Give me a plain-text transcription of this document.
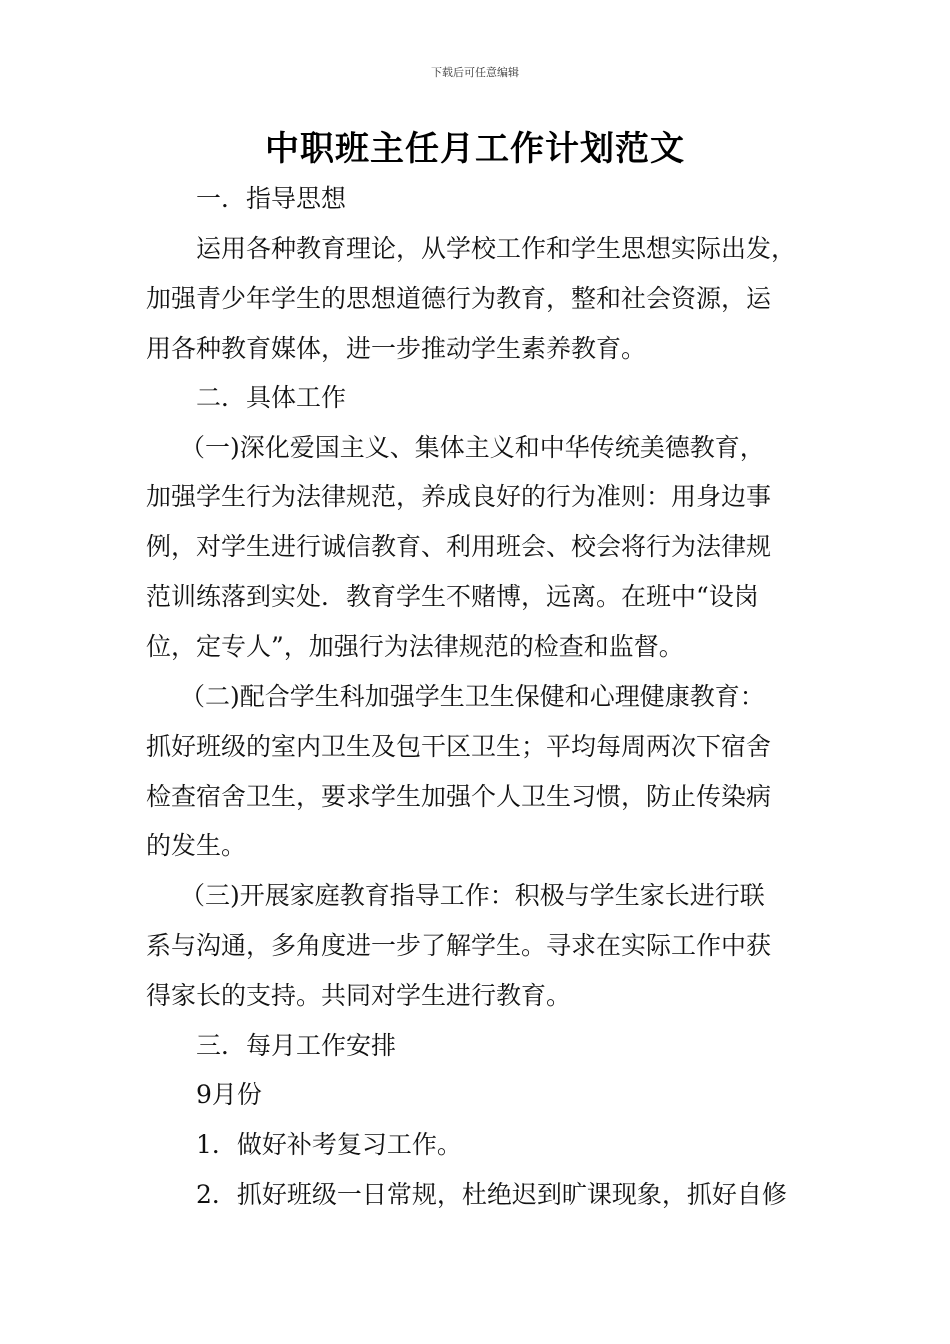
下载后可任意编辑
中职班主任月工作计划范文
一．指导思想
运用各种教育理论，从学校工作和学生思想实际出发，
加强青少年学生的思想道德行为教育，整和社会资源，运
用各种教育媒体，进一步推动学生素养教育。
二．具体工作
（一)深化爱国主义、集体主义和中华传统美德教育，
加强学生行为法律规范，养成良好的行为准则：用身边事
例，对学生进行诚信教育、利用班会、校会将行为法律规
范训练落到实处．教育学生不赌博，远离。在班中“设岗
位，定专人”，加强行为法律规范的检查和监督。
（二)配合学生科加强学生卫生保健和心理健康教育：
抓好班级的室内卫生及包干区卫生；平均每周两次下宿舍
检查宿舍卫生，要求学生加强个人卫生习惯，防止传染病
的发生。
（三)开展家庭教育指导工作：积极与学生家长进行联
系与沟通，多角度进一步了解学生。寻求在实际工作中获
得家长的支持。共同对学生进行教育。
三．每月工作安排
9月份
1．做好补考复习工作。
2．抓好班级一日常规，杜绝迟到旷课现象，抓好自修
